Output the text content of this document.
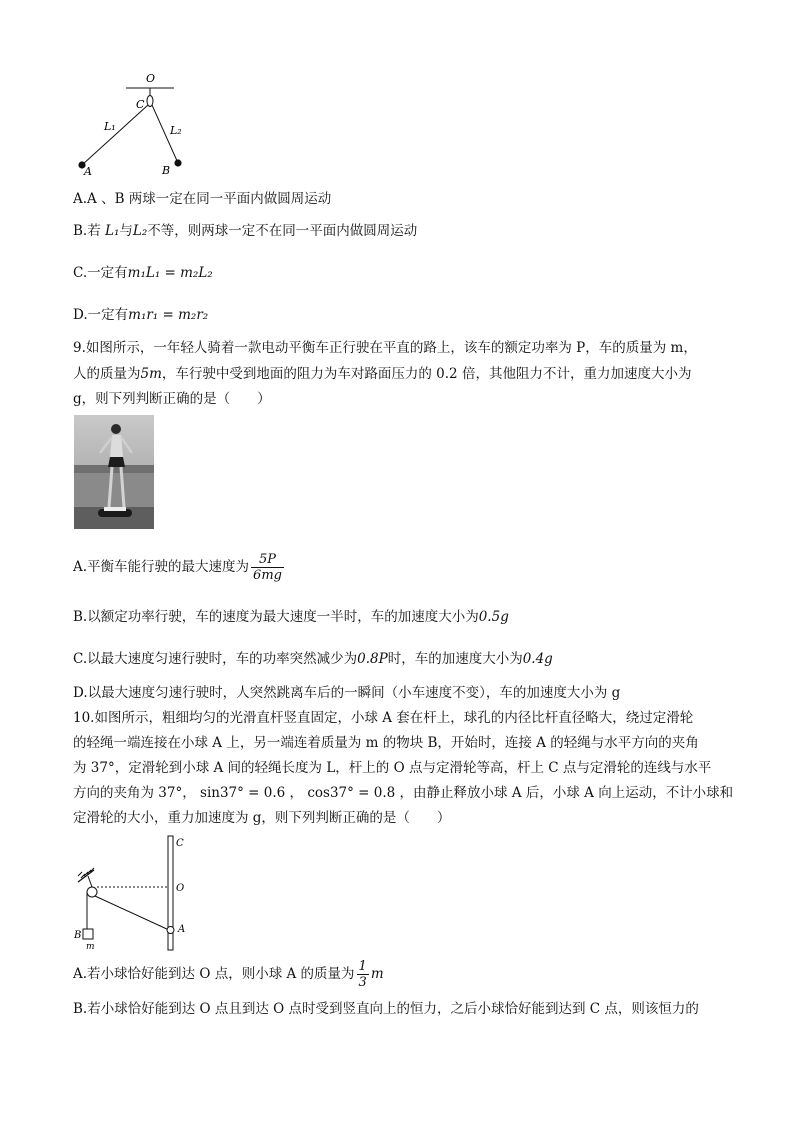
O
C
L₁	L₂
A	B
A.A 、B 两球一定在同一平面内做圆周运动
B.若 L₁与L₂不等，则两球一定不在同一平面内做圆周运动
C.一定有m₁L₁ = m₂L₂
D.一定有m₁r₁ = m₂r₂
9.如图所示，一年轻人骑着一款电动平衡车正行驶在平直的路上，该车的额定功率为 P，车的质量为 m，
人的质量为5m，车行驶中受到地面的阻力为车对路面压力的 0.2 倍，其他阻力不计，重力加速度大小为
g，则下列判断正确的是（　　）
A.平衡车能行驶的最大速度为 $\frac{5P}{6mg}$
B.以额定功率行驶，车的速度为最大速度一半时，车的加速度大小为0.5g
C.以最大速度匀速行驶时，车的功率突然减少为0.8P时，车的加速度大小为0.4g
D.以最大速度匀速行驶时，人突然跳离车后的一瞬间（小车速度不变），车的加速度大小为 g
10.如图所示，粗细均匀的光滑直杆竖直固定，小球 A 套在杆上，球孔的内径比杆直径略大，绕过定滑轮
的轻绳一端连接在小球 A 上，另一端连着质量为 m 的物块 B，开始时，连接 A 的轻绳与水平方向的夹角
为 37°，定滑轮到小球 A 间的轻绳长度为 L，杆上的 O 点与定滑轮等高，杆上 C 点与定滑轮的连线与水平
方向的夹角为 37°， sin37° = 0.6 ， cos37° = 0.8 ，由静止释放小球 A 后，小球 A 向上运动，不计小球和
定滑轮的大小，重力加速度为 g，则下列判断正确的是（　　）
C
O
A
B
m
A.若小球恰好能到达 O 点，则小球 A 的质量为 $\frac{1}{3}$ m
B.若小球恰好能到达 O 点且到达 O 点时受到竖直向上的恒力，之后小球恰好能到达到 C 点，则该恒力的
